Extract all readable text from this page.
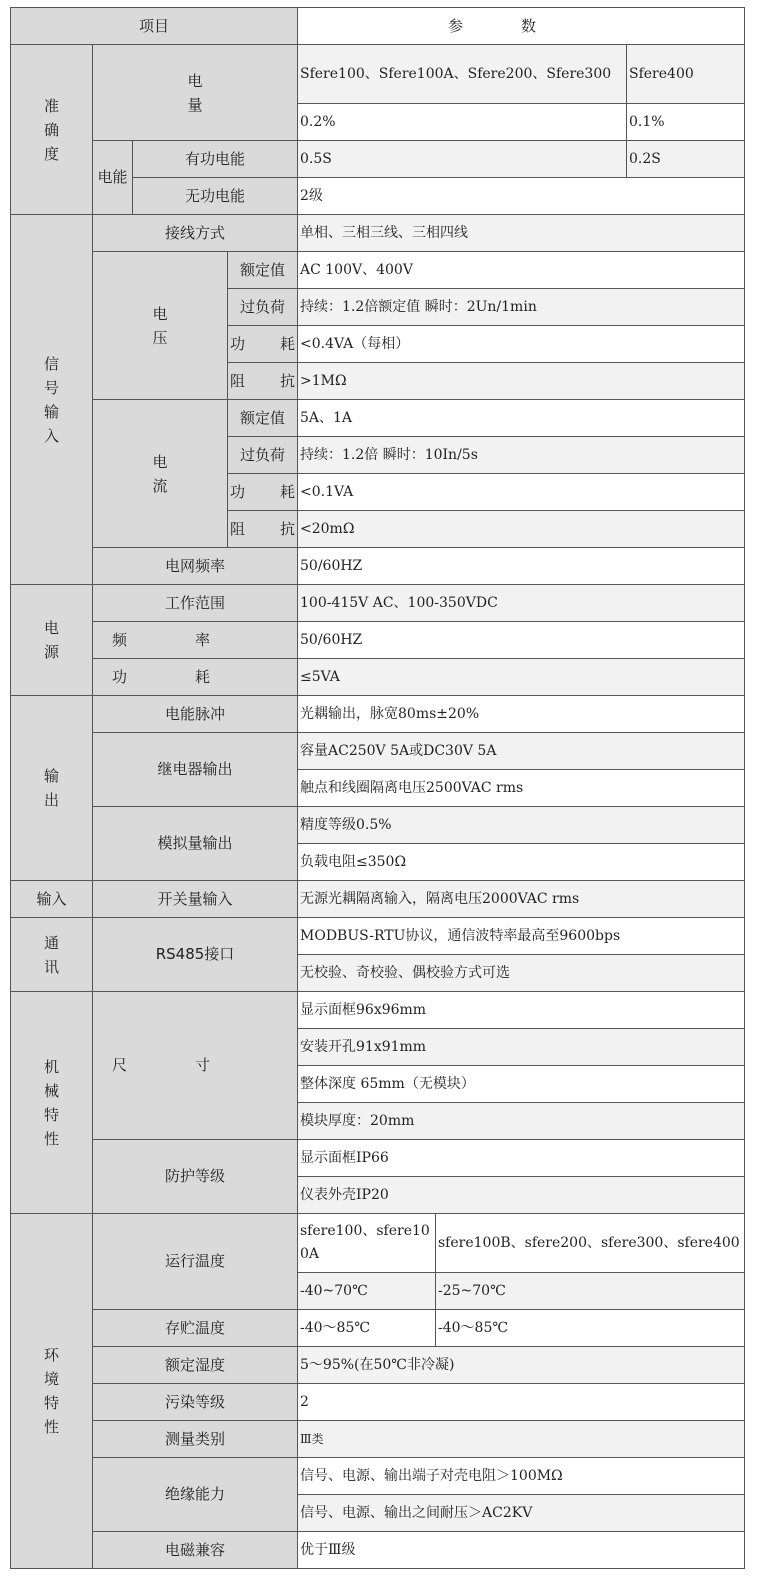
项目				参数		
准确度	电量			Sfere100、Sfere100A、Sfere200、Sfere300		Sfere400
				0.2%		0.1%
	电能	有功电能		0.5S		0.2S
		无功电能		2级		
信号输入	接线方式			单相、三相三线、三相四线		
	电压		额定值	AC 100V、400V		
			过负荷	持续：1.2倍额定值 瞬时：2Un/1min		
			功耗	<0.4VA（每相）		
			阻抗	>1MΩ		
	电流		额定值	5A、1A		
			过负荷	持续：1.2倍 瞬时：10In/5s		
			功耗	<0.1VA		
			阻抗	<20mΩ		
	电网频率			50/60HZ		
电源	工作范围			100-415V AC、100-350VDC		
	频率			50/60HZ		
	功耗			≤5VA		
输出	电能脉冲			光耦输出，脉宽80ms±20%		
	继电器输出			容量AC250V 5A或DC30V 5A		
				触点和线圈隔离电压2500VAC rms		
	模拟量输出			精度等级0.5%		
				负载电阻≤350Ω		
输入	开关量输入			无源光耦隔离输入，隔离电压2000VAC rms		
通讯	RS485接口			MODBUS-RTU协议，通信波特率最高至9600bps		
				无校验、奇校验、偶校验方式可选		
机械特性	尺寸			显示面框96x96mm		
				安装开孔91x91mm		
				整体深度 65mm（无模块）		
				模块厚度：20mm		
	防护等级			显示面框IP66		
				仪表外壳IP20		
环境特性	运行温度			sfere100、sfere100A	sfere100B、sfere200、sfere300、sfere400	
				-40~70℃	-25~70℃	
	存贮温度			-40～85℃	-40～85℃	
	额定湿度			5～95%(在50℃非冷凝)		
	污染等级			2		
	测量类别			Ⅲ类		
	绝缘能力			信号、电源、输出端子对壳电阻＞100MΩ		
				信号、电源、输出之间耐压＞AC2KV		
	电磁兼容			优于Ⅲ级		
